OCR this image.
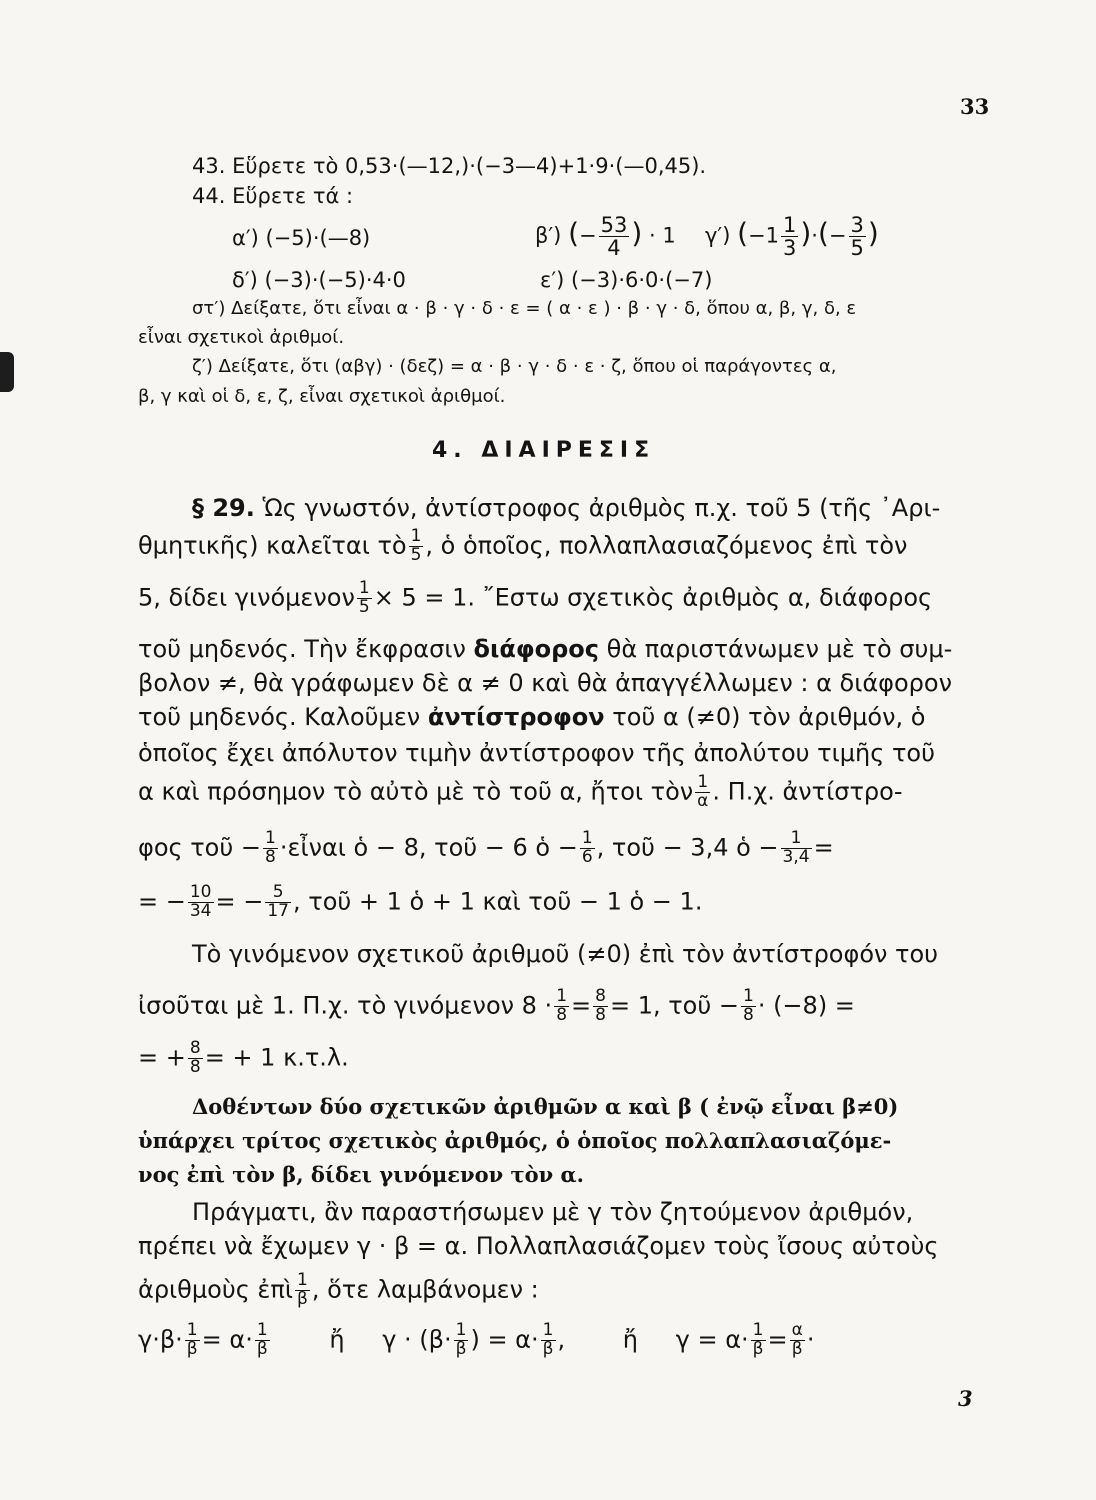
33
43. Εὕρετε τὸ 0,53·(—12,)·(−3—4)+1·9·(—0,45).
44. Εὕρετε τά :
α′) (−5)·(—8)	β′) (− $\frac{53}{4}$ ) · 1 γ′) ($-1 \frac{1}{3}$ )·(− $\frac{3}{5}$ )
δ′) (−3)·(−5)·4·0	ε′) (−3)·6·0·(−7)
στ′) Δείξατε, ὅτι εἶναι α · β · γ · δ · ε = ( α · ε ) · β · γ · δ, ὅπου α, β, γ, δ, ε
εἶναι σχετικοὶ ἀριθμοί.
ζ′) Δείξατε, ὅτι (αβγ) · (δεζ) = α · β · γ · δ · ε · ζ, ὅπου οἱ παράγοντες α,
β, γ καὶ οἱ δ, ε, ζ, εἶναι σχετικοὶ ἀριθμοί.
4. ΔΙΑΙΡΕΣΙΣ
§ 29. Ὡς γνωστόν, ἀντίστροφος ἀριθμὸς π.χ. τοῦ 5 (τῆς ᾿Αρι-
θμητικῆς) καλεῖται τὸ $\frac{1}{5}$ , ὁ ὁποῖος, πολλαπλασιαζόμενος ἐπὶ τὸν
5, δίδει γινόμενον $\frac{1}{5} \times 5 = 1$. ῎Εστω σχετικὸς ἀριθμὸς α, διάφορος
τοῦ μηδενός. Τὴν ἔκφρασιν διάφορος θὰ παριστάνωμεν μὲ τὸ συμ-
βολον ≠, θὰ γράφωμεν δὲ α ≠ 0 καὶ θὰ ἀπαγγέλλωμεν : α διάφορον
τοῦ μηδενός. Καλοῦμεν ἀντίστροφον τοῦ α (≠0) τὸν ἀριθμόν, ὁ
ὁποῖος ἔχει ἀπόλυτον τιμὴν ἀντίστροφον τῆς ἀπολύτου τιμῆς τοῦ
α καὶ πρόσημον τὸ αὐτὸ μὲ τὸ τοῦ α, ἤτοι τὸν $\frac{1}{\alpha}$ . Π.χ. ἀντίστρο-
φος τοῦ − $\frac{1}{8}$ ·εἶναι ὁ − 8, τοῦ − 6 ὁ − $\frac{1}{6}$ , τοῦ − 3,4 ὁ − $\frac{1}{3,4}$ =
= − $\frac{10}{34}$ = − $\frac{5}{17}$ , τοῦ + 1 ὁ + 1 καὶ τοῦ − 1 ὁ − 1.
Τὸ γινόμενον σχετικοῦ ἀριθμοῦ (≠0) ἐπὶ τὸν ἀντίστροφόν του
ἰσοῦται μὲ 1. Π.χ. τὸ γινόμενον $8 \cdot \frac{1}{8} = \frac{8}{8} = 1$, τοῦ − $\frac{1}{8} \cdot (-8)$ =
= + $\frac{8}{8}$ = + 1 κ.τ.λ.
Δοθέντων δύο σχετικῶν ἀριθμῶν α καὶ β ( ἐνῷ εἶναι β≠0)
ὑπάρχει τρίτος σχετικὸς ἀριθμός, ὁ ὁποῖος πολλαπλασιαζόμε-
νος ἐπὶ τὸν β, δίδει γινόμενον τὸν α.
Πράγματι, ἂν παραστήσωμεν μὲ γ τὸν ζητούμενον ἀριθμόν,
πρέπει νὰ ἔχωμεν γ · β = α. Πολλαπλασιάζομεν τοὺς ἴσους αὐτοὺς
ἀριθμοὺς ἐπὶ $\frac{1}{\beta}$ , ὅτε λαμβάνομεν :
$\gamma\cdot\beta\cdot \frac{1}{\beta} = \alpha\cdot \frac{1}{\beta}$ ἤ $\gamma \cdot (\beta\cdot \frac{1}{\beta}$ ) = $\alpha\cdot \frac{1}{\beta}$ , ἤ $\gamma = \alpha\cdot \frac{1}{\beta} = \frac{\alpha}{\beta}$ ·
3
